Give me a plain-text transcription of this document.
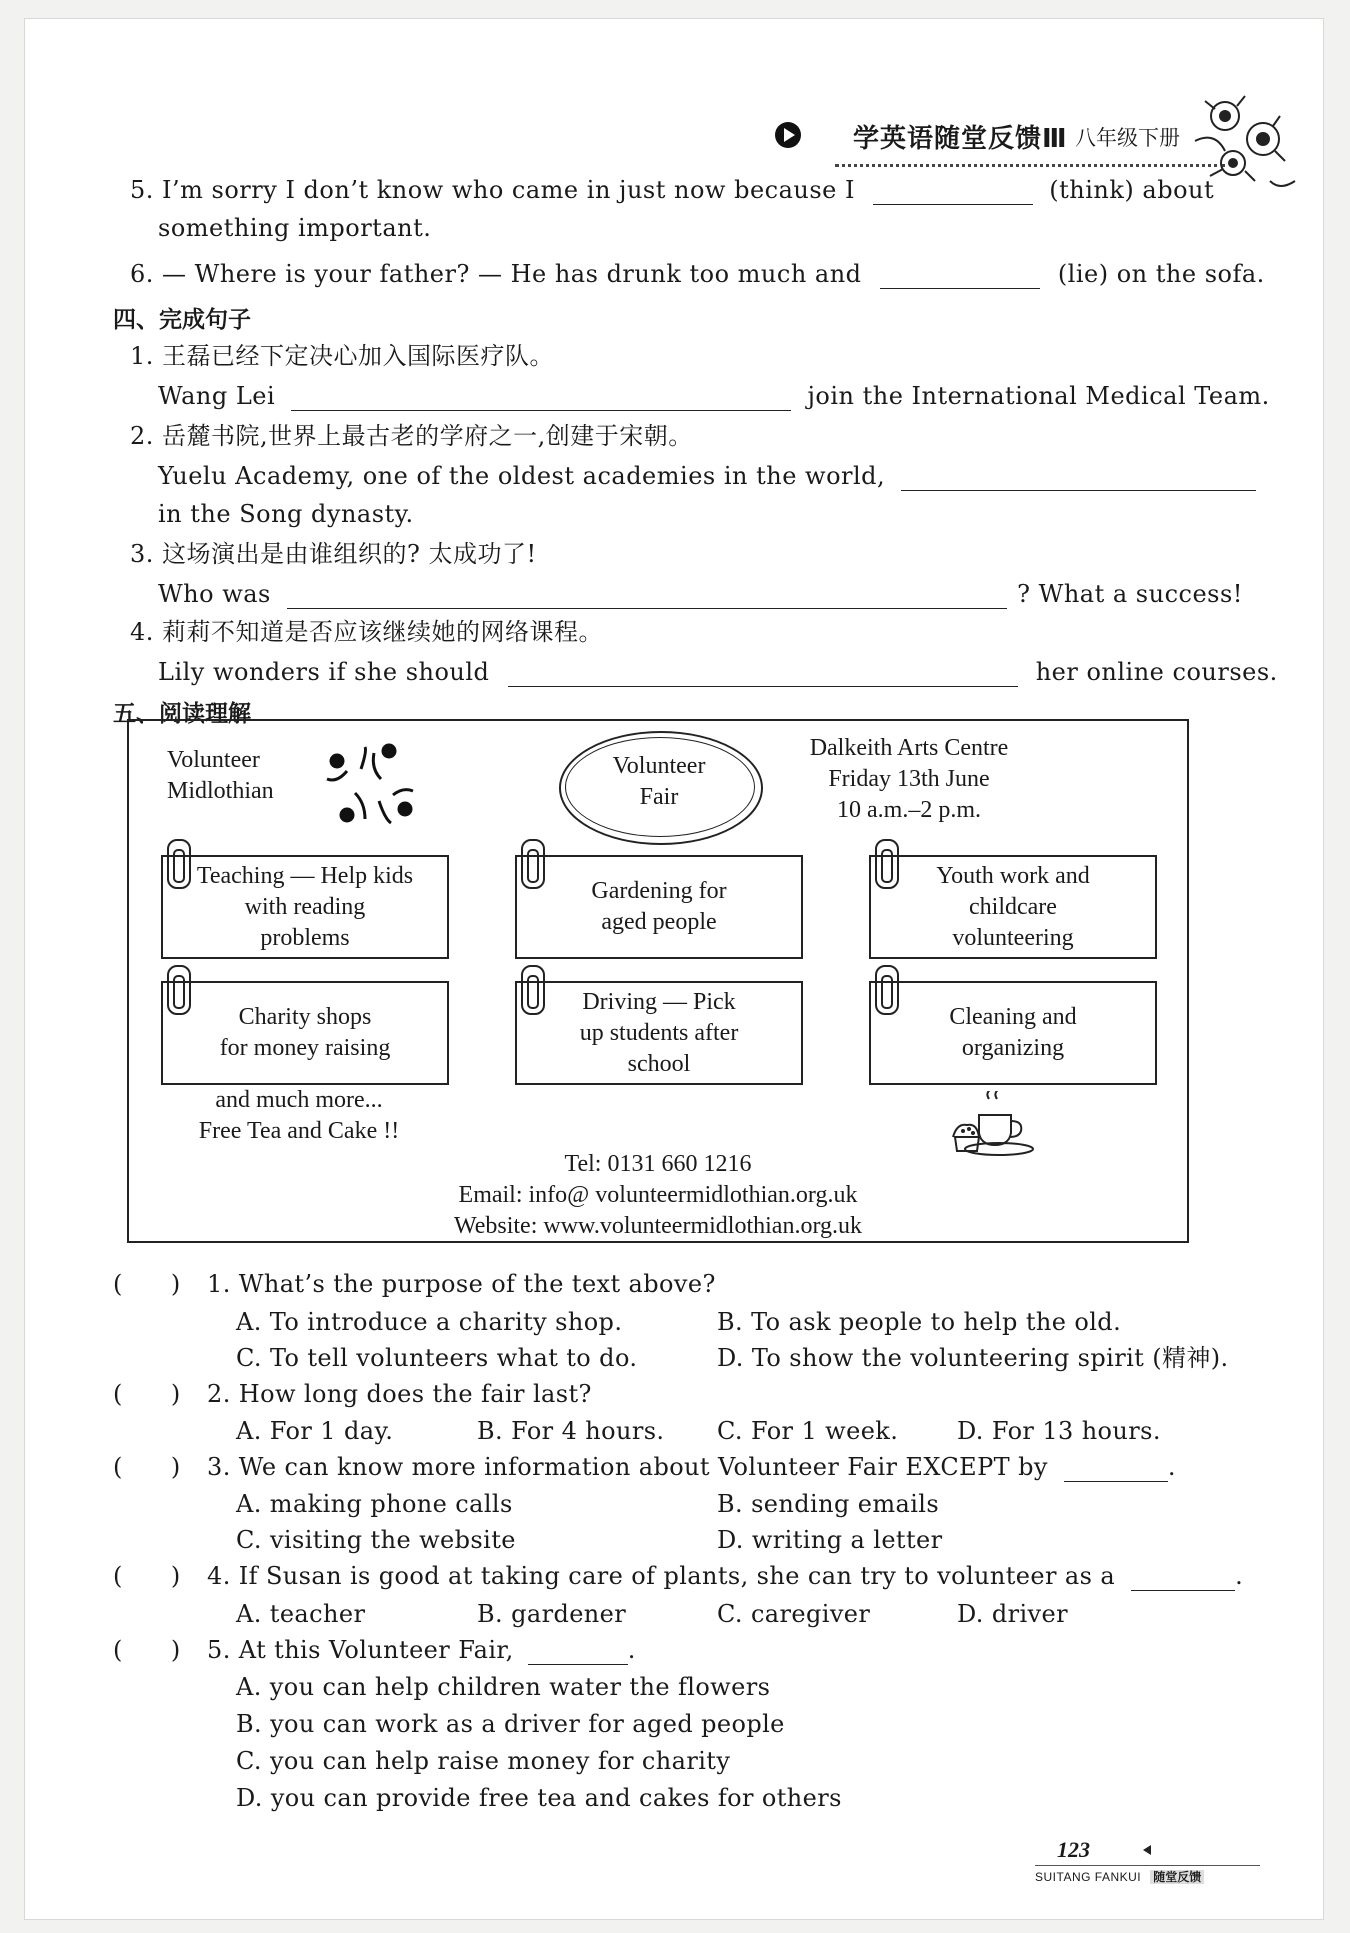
学英语随堂反馈Ⅲ 八年级下册
5. I’m sorry I don’t know who came in just now because I	(think) about
something important.
6. — Where is your father? — He has drunk too much and	(lie) on the sofa.
四、完成句子
1. 王磊已经下定决心加入国际医疗队。
Wang Lei	join the International Medical Team.
2. 岳麓书院,世界上最古老的学府之一,创建于宋朝。
Yuelu Academy, one of the oldest academies in the world,
in the Song dynasty.
3. 这场演出是由谁组织的? 太成功了!
Who was	? What a success!
4. 莉莉不知道是否应该继续她的网络课程。
Lily wonders if she should	her online courses.
五、阅读理解
Volunteer
Midlothian
Volunteer
Fair
Dalkeith Arts Centre
Friday 13th June
10 a.m.–2 p.m.
Teaching — Help kids
with reading
problems
Gardening for
aged people
Youth work and
childcare
volunteering
Charity shops
for money raising
Driving — Pick
up students after
school
Cleaning and
organizing
and much more...
Free Tea and Cake !!
Tel: 0131 660 1216
Email: info@ volunteermidlothian.org.uk
Website: www.volunteermidlothian.org.uk
(      ) 1. What’s the purpose of the text above?
A. To introduce a charity shop.	B. To ask people to help the old.
C. To tell volunteers what to do.	D. To show the volunteering spirit (精神).
(      ) 2. How long does the fair last?
A. For 1 day.	B. For 4 hours. C. For 1 week. D. For 13 hours.
(      ) 3. We can know more information about Volunteer Fair EXCEPT by	.
A. making phone calls	B. sending emails
C. visiting the website	D. writing a letter
(      ) 4. If Susan is good at taking care of plants, she can try to volunteer as a	.
A. teacher	B. gardener	C. caregiver	D. driver
(      ) 5. At this Volunteer Fair,	.
A. you can help children water the flowers
B. you can work as a driver for aged people
C. you can help raise money for charity
D. you can provide free tea and cakes for others
123
SUITANG FANKUI 随堂反馈
